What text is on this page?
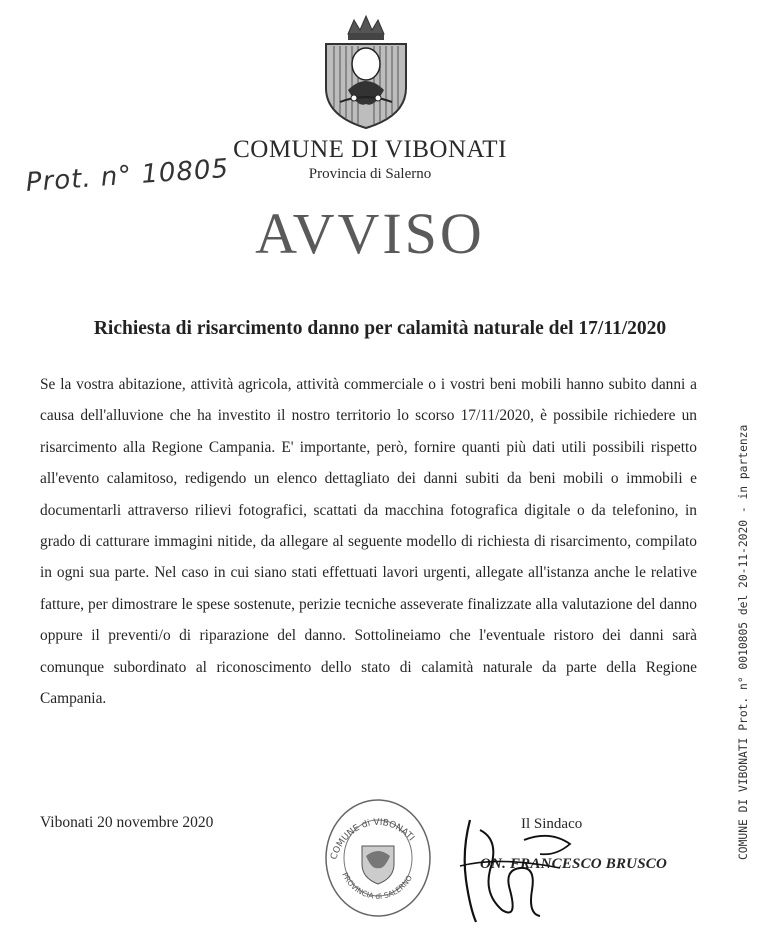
COMUNE DI VIBONATI
Provincia di Salerno
Prot. n° 10805
AVVISO
Richiesta di risarcimento danno per calamità naturale del 17/11/2020
Se la vostra abitazione, attività agricola, attività commerciale o i vostri beni mobili hanno subito danni a causa dell'alluvione che ha investito il nostro territorio lo scorso 17/11/2020, è possibile richiedere un risarcimento alla Regione Campania. E' importante, però, fornire quanti più dati utili possibili rispetto all'evento calamitoso, redigendo un elenco dettagliato dei danni subiti da beni mobili o immobili e documentarli attraverso rilievi fotografici, scattati da macchina fotografica digitale o da telefonino, in grado di catturare immagini nitide, da allegare al seguente modello di richiesta di risarcimento, compilato in ogni sua parte. Nel caso in cui siano stati effettuati lavori urgenti, allegate all'istanza anche le relative fatture, per dimostrare le spese sostenute, perizie tecniche asseverate finalizzate alla valutazione del danno oppure il preventi/o di riparazione del danno. Sottolineiamo che l'eventuale ristoro dei danni sarà comunque subordinato al riconoscimento dello stato di calamità naturale da parte della Regione Campania.
Vibonati 20 novembre 2020
COMUNE di VIBONATI
PROVINCIA di SALERNO
Il Sindaco
ON. FRANCESCO BRUSCO
COMUNE DI VIBONATI Prot. n° 0010805 del 20-11-2020 - in partenza
